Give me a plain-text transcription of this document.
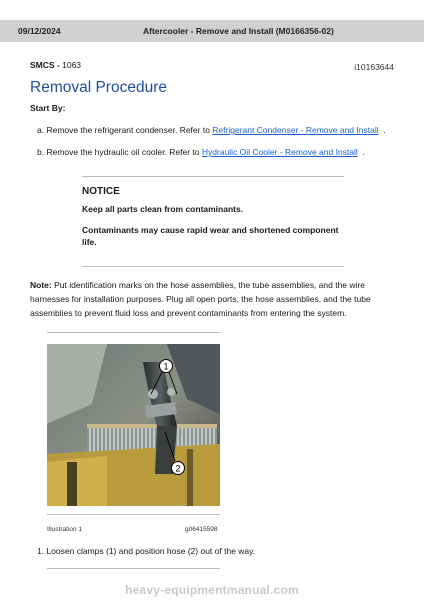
09/12/2024	Aftercooler - Remove and Install (M0166356-02)
SMCS - 1063	i10163644
Removal Procedure
Start By:
a. Remove the refrigerant condenser. Refer to Refrigerant Condenser - Remove and Install .
b. Remove the hydraulic oil cooler. Refer to Hydraulic Oil Cooler - Remove and Install .
NOTICE
Keep all parts clean from contaminants.
Contaminants may cause rapid wear and shortened component life.
Note: Put identification marks on the hose assemblies, the tube assemblies, and the wire harnesses for installation purposes. Plug all open ports, the hose assemblies, and the tube assemblies to prevent fluid loss and prevent contaminants from entering the system.
1
2
Illustration 1	g06415598
1. Loosen clamps (1) and position hose (2) out of the way.
heavy-equipmentmanual.com
